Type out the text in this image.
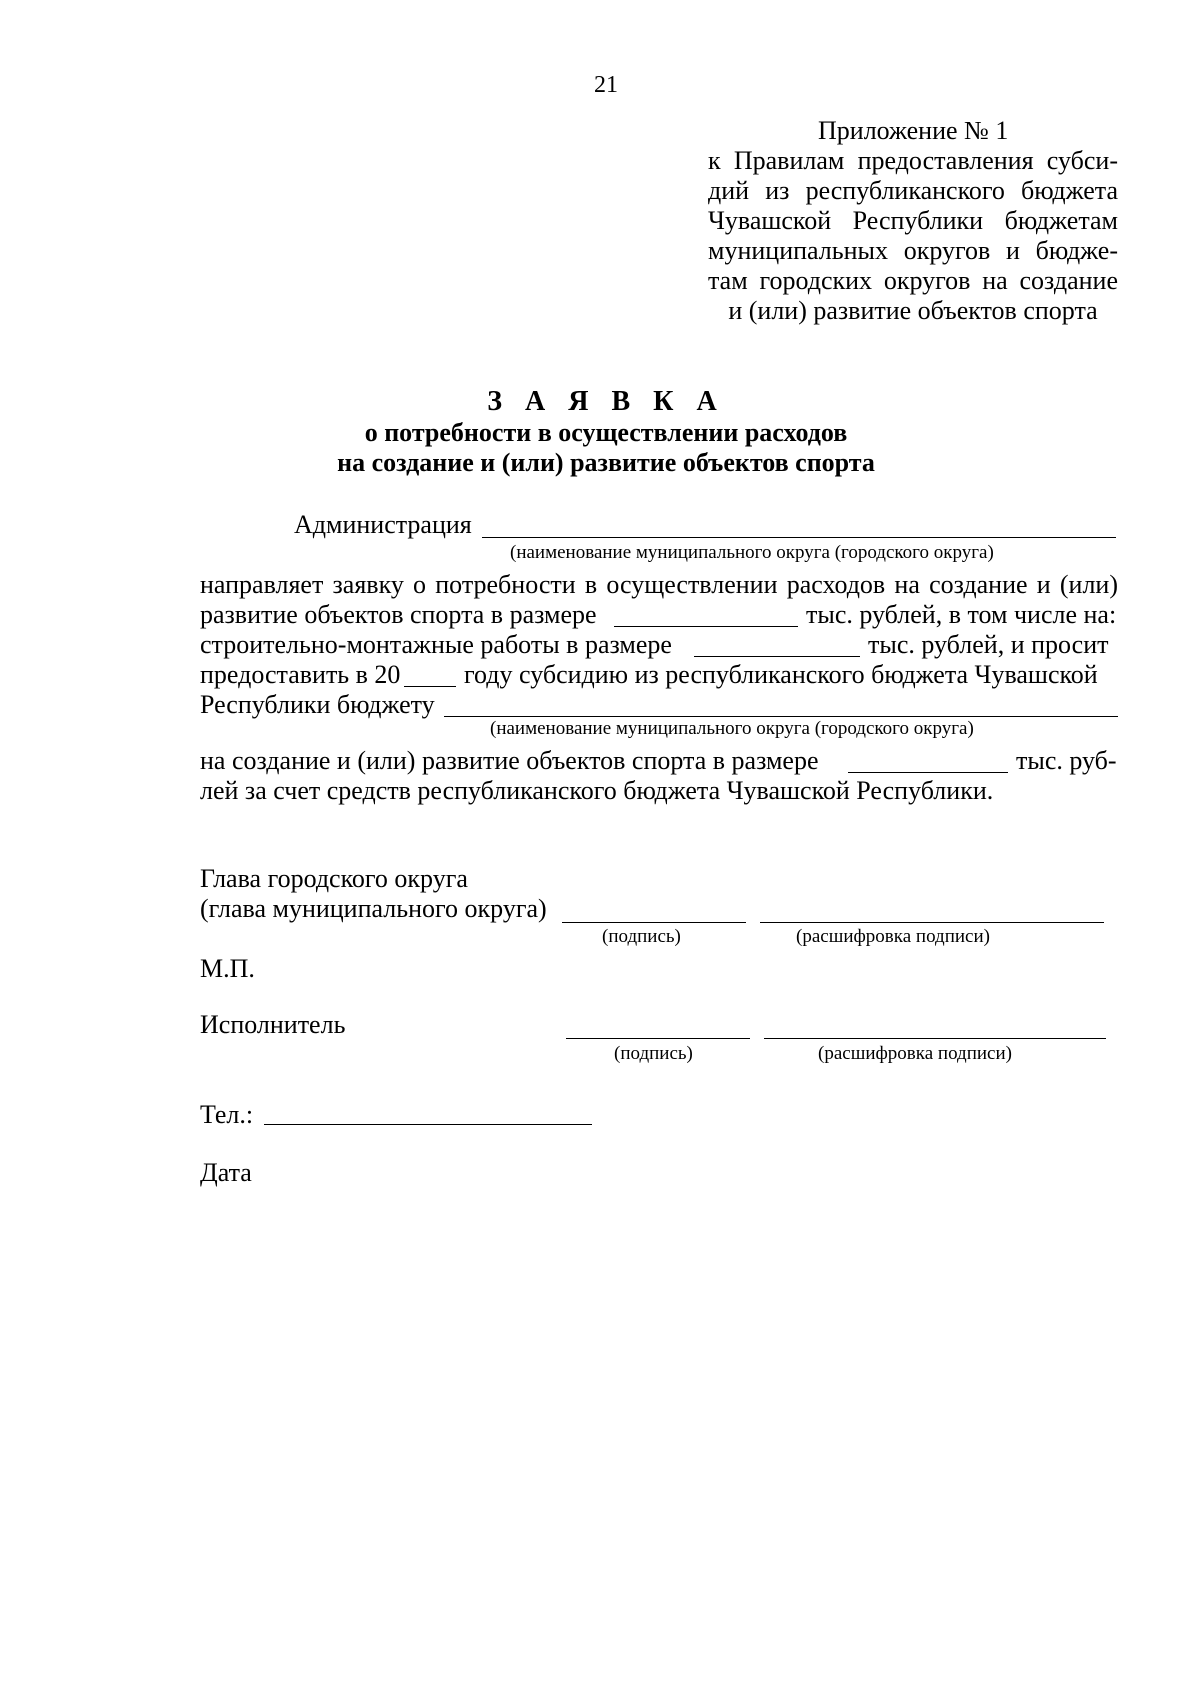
21
Приложение № 1
к Правилам предоставления субси-
дий из республиканского бюджета
Чувашской Республики бюджетам
муниципальных округов и бюдже-
там городских округов на создание
и (или) развитие объектов спорта
З А Я В К А
о потребности в осуществлении расходов
на создание и (или) развитие объектов спорта
Администрация
(наименование муниципального округа (городского округа)
направляет заявку о потребности в осуществлении расходов на создание и (или)
развитие объектов спорта в размере	тыс. рублей, в том числе на:
строительно-монтажные работы в размере	тыс. рублей, и просит
предоставить в 20 году субсидию из республиканского бюджета Чувашской
Республики бюджету
(наименование муниципального округа (городского округа)
на создание и (или) развитие объектов спорта в размере	тыс. руб-
лей за счет средств республиканского бюджета Чувашской Республики.
Глава городского округа
(глава муниципального округа)
(подпись)	(расшифровка подписи)
М.П.
Исполнитель
(подпись)	(расшифровка подписи)
Тел.:
Дата
